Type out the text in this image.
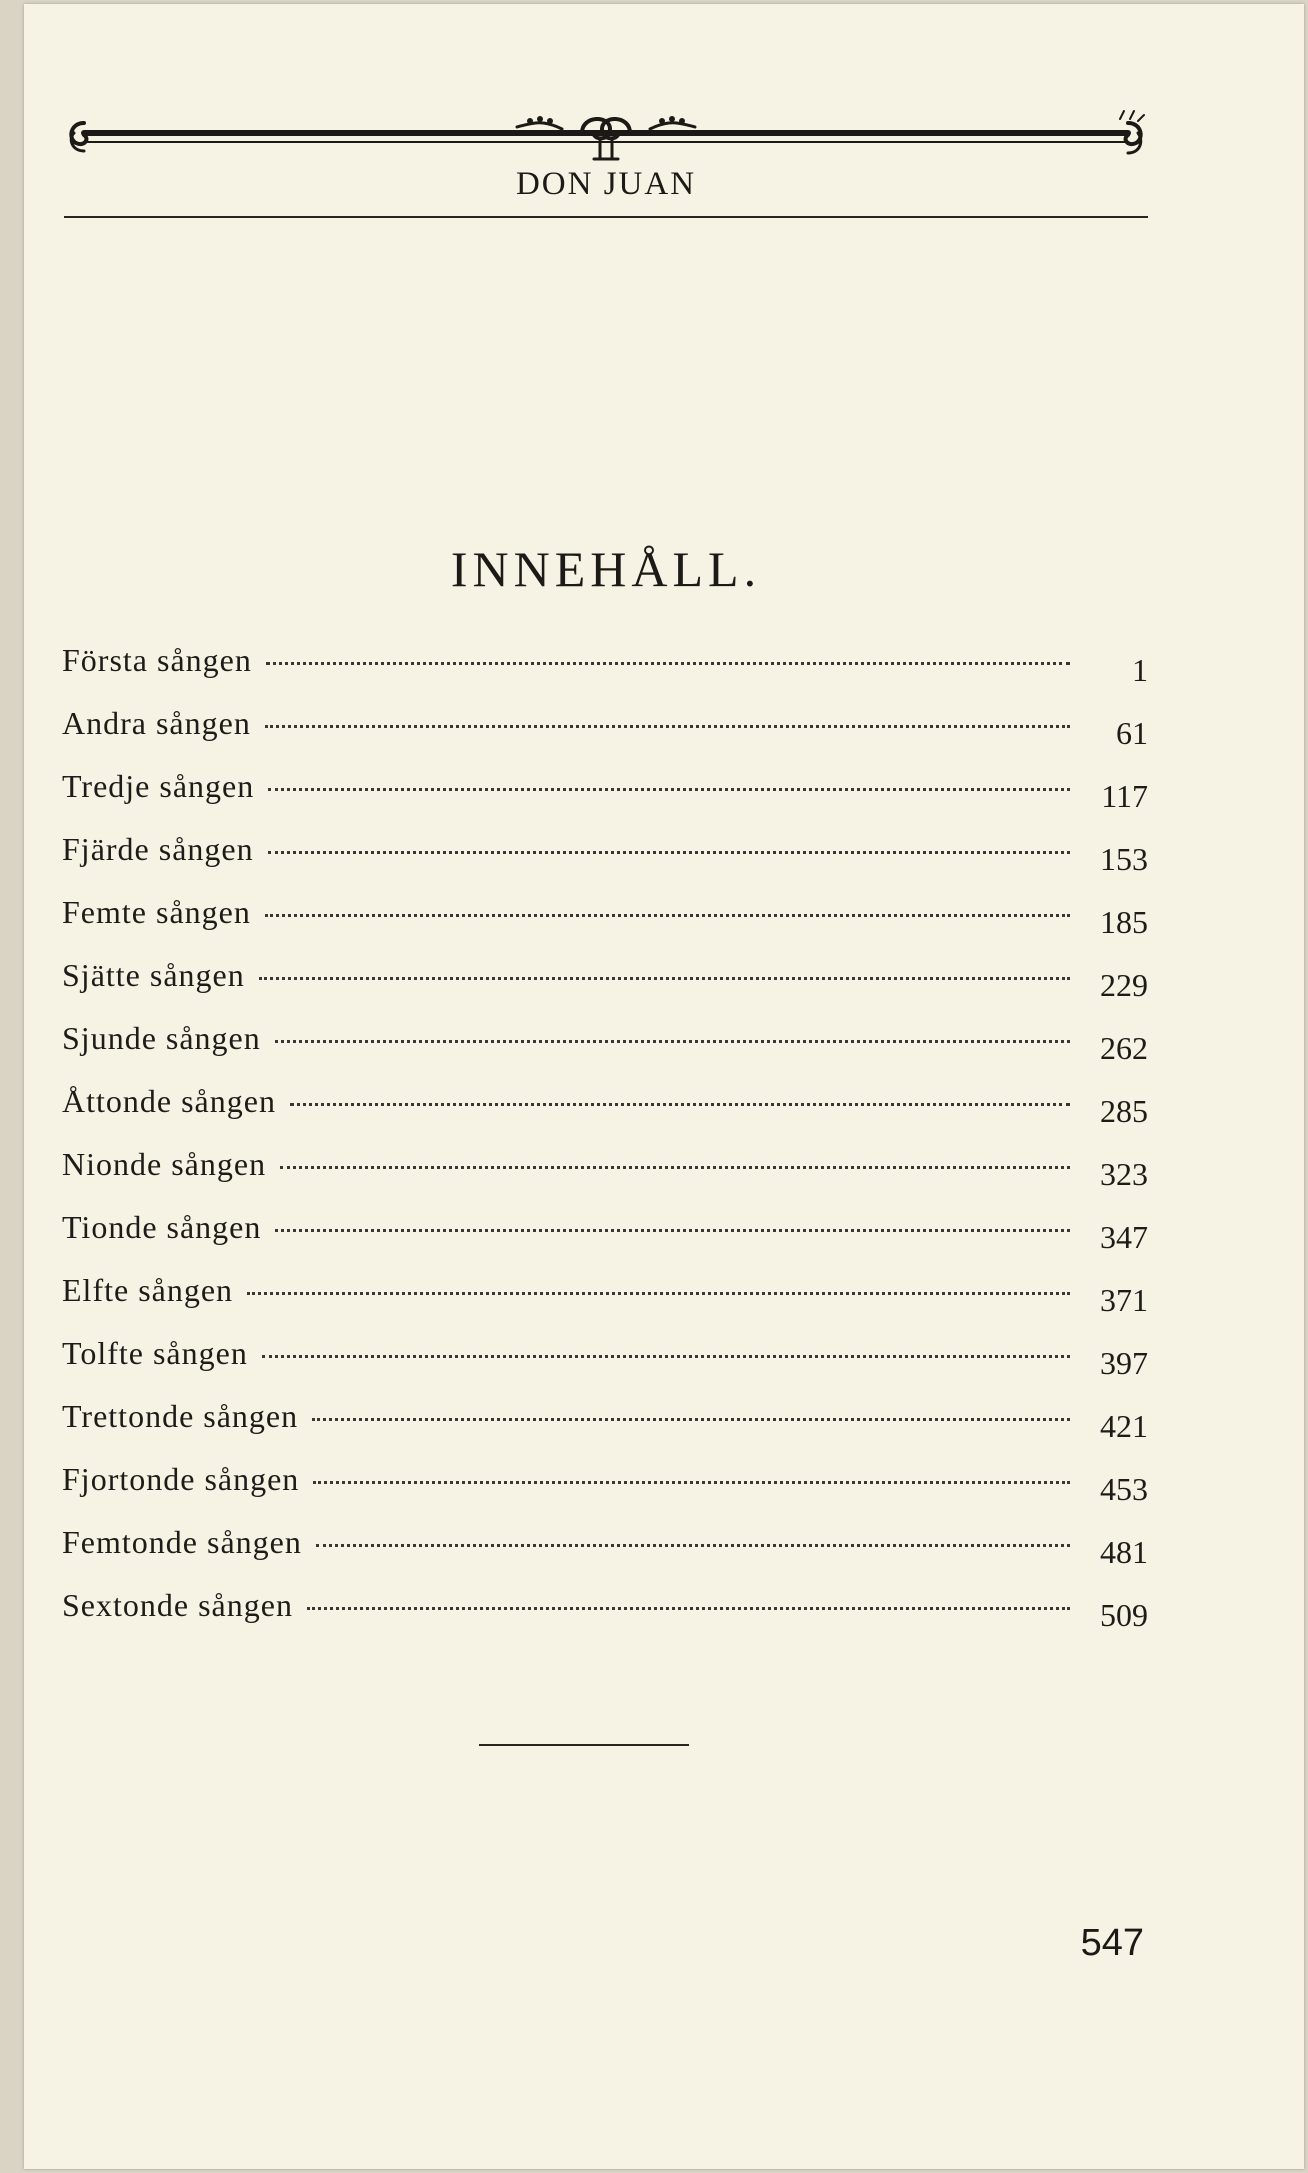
DON JUAN
INNEHÅLL.
Första sången	1
Andra sången	61
Tredje sången	117
Fjärde sången	153
Femte sången	185
Sjätte sången	229
Sjunde sången	262
Åttonde sången	285
Nionde sången	323
Tionde sången	347
Elfte sången	371
Tolfte sången	397
Trettonde sången	421
Fjortonde sången	453
Femtonde sången	481
Sextonde sången	509
547
